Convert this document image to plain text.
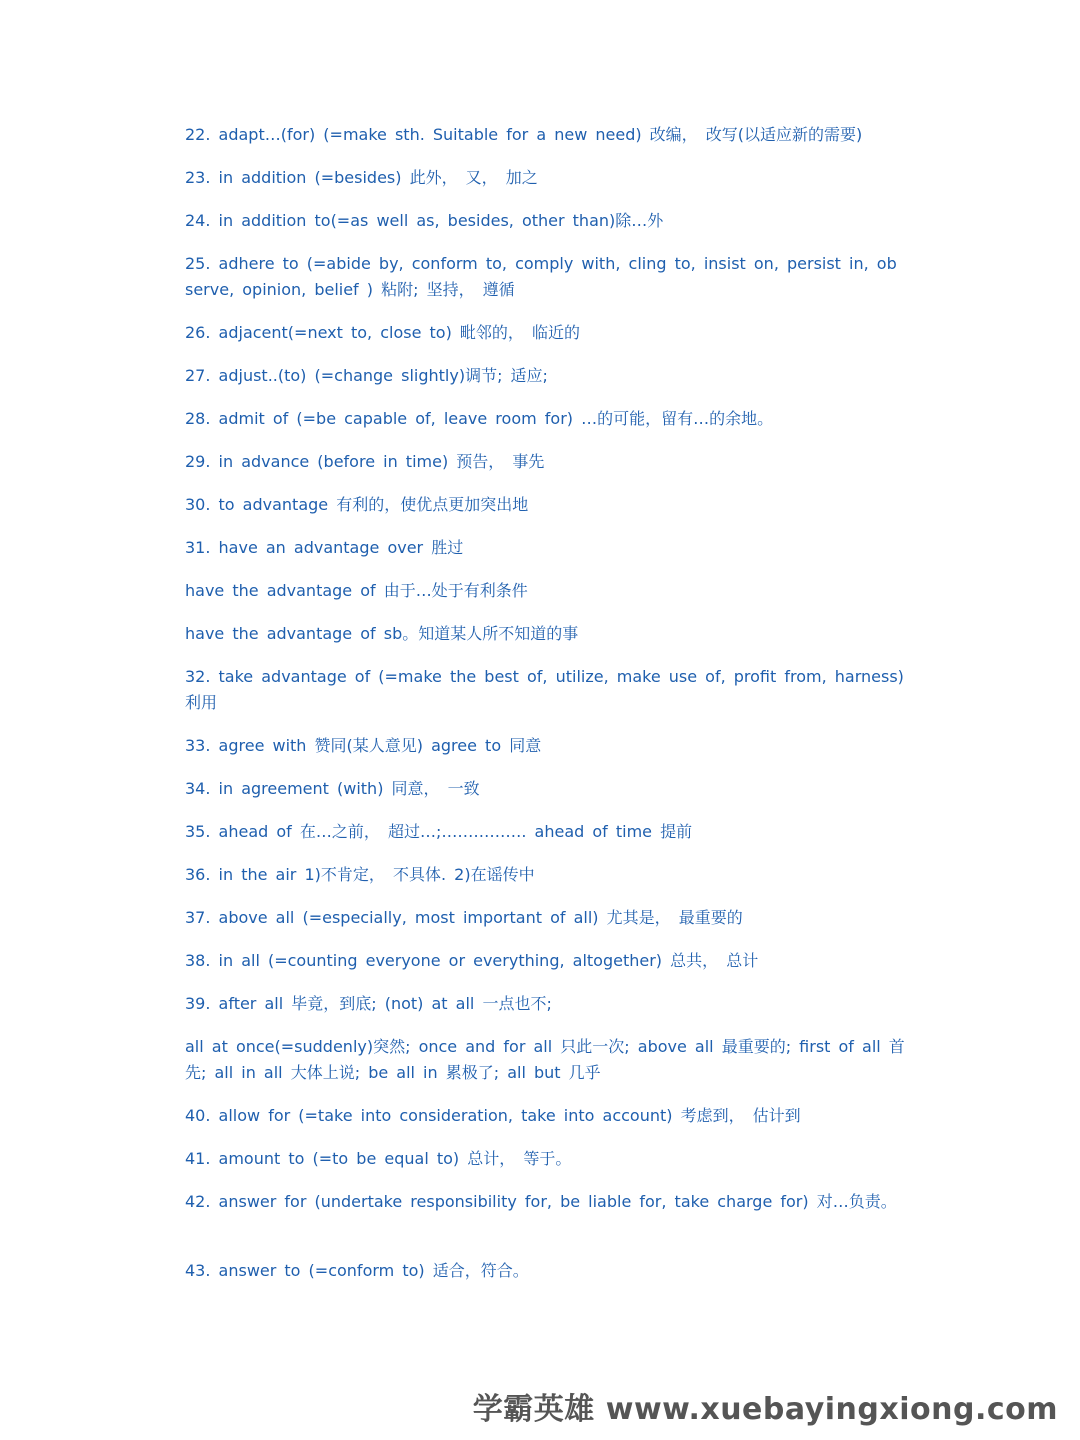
22. adapt…(for) (=make sth. Suitable for a new need) 改编， 改写(以适应新的需要)

23. in addition (=besides) 此外， 又， 加之

24. in addition to(=as well as, besides, other than)除…外

25. adhere to (=abide by, conform to, comply with, cling to, insist on, persist in, observe, opinion, belief ) 粘附; 坚持， 遵循

26. adjacent(=next to, close to) 毗邻的， 临近的

27. adjust..(to) (=change slightly)调节; 适应;

28. admit of (=be capable of, leave room for) …的可能，留有…的余地。

29. in advance (before in time) 预告， 事先

30. to advantage 有利的，使优点更加突出地

31. have an advantage over 胜过

have the advantage of 由于…处于有利条件

have the advantage of sb。知道某人所不知道的事

32. take advantage of (=make the best of, utilize, make use of, profit from, harness)利用

33. agree with 赞同(某人意见) agree to 同意

34. in agreement (with) 同意， 一致

35. ahead of 在…之前， 超过…;……………. ahead of time 提前

36. in the air 1)不肯定， 不具体. 2)在谣传中

37. above all (=especially, most important of all) 尤其是， 最重要的

38. in all (=counting everyone or everything, altogether) 总共， 总计

39. after all 毕竟，到底; (not) at all 一点也不;

all at once(=suddenly)突然; once and for all 只此一次; above all 最重要的; first of all 首先; all in all 大体上说; be all in 累极了; all but 几乎

40. allow for (=take into consideration, take into account) 考虑到， 估计到

41. amount to (=to be equal to) 总计， 等于。

42. answer for (undertake responsibility for, be liable for, take charge for) 对…负责。

43. answer to (=conform to) 适合，符合。

学霸英雄 www.xuebayingxiong.com
